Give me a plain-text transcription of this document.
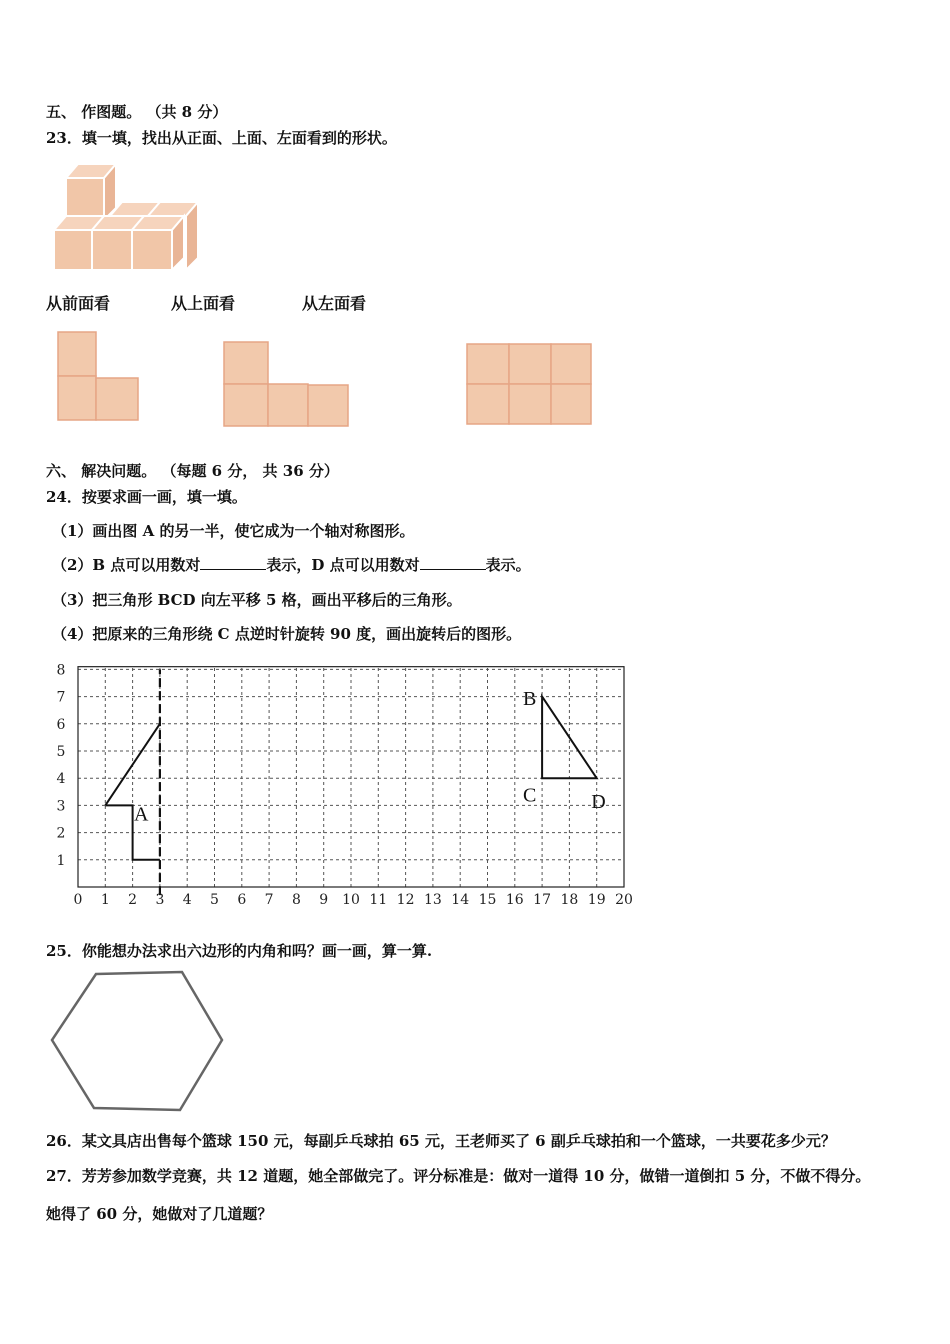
五、 作图题。 （共 8 分）
23．填一填，找出从正面、上面、左面看到的形状。
从前面看	从上面看	从左面看
六、 解决问题。 （每题 6 分， 共 36 分）
24．按要求画一画，填一填。
（1）画出图 A 的另一半，使它成为一个轴对称图形。
（2）B 点可以用数对	表示，D 点可以用数对	表示。
（3）把三角形 BCD 向左平移 5 格，画出平移后的三角形。
（4）把原来的三角形绕 C 点逆时针旋转 90 度，画出旋转后的图形。
0 1 2 3 4 5 6 7 8 9 10 11 12 13 14 15 16 17 18 19 20
1
2
3
4
5
6
7
8
A
B
C	D
25．你能想办法求出六边形的内角和吗？画一画，算一算.
26．某文具店出售每个篮球 150 元，每副乒乓球拍 65 元，王老师买了 6 副乒乓球拍和一个篮球，一共要花多少元？
27．芳芳参加数学竞赛，共 12 道题，她全部做完了。评分标准是：做对一道得 10 分，做错一道倒扣 5 分，不做不得分。
她得了 60 分，她做对了几道题？
